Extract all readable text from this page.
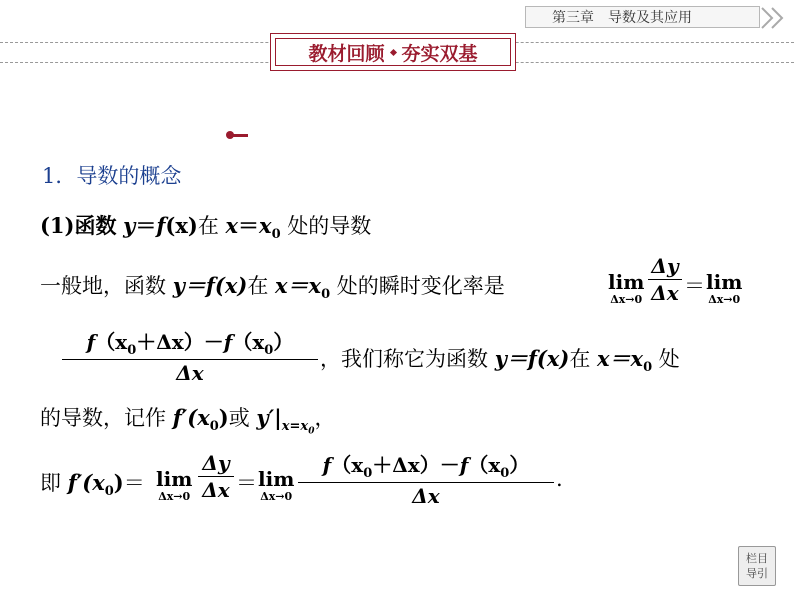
第三章　导数及其应用
教材回顾 夯实双基
1．导数的概念
(1)函数 y＝f(x)在 $x=x_0$ 处的导数
一般地，函数 y＝f(x)在 $x=x_0$ 处的瞬时变化率是	lim
Δx→0
Δy
Δx ＝ lim
Δx→0
$f(x_0+\Delta x)-f(x_0)$
Δx
，我们称它为函数 y＝f(x)在 $x=x_0$ 处
的导数，记作 $f'(x_0)$或 $y'|_{x=x_0}$，
即 $f'(x_0)= \lim$
Δx→0
Δy
Δx ＝ lim
Δx→0
$f(x_0+\Delta x)-f(x_0)$
Δx
.
栏目
导引
